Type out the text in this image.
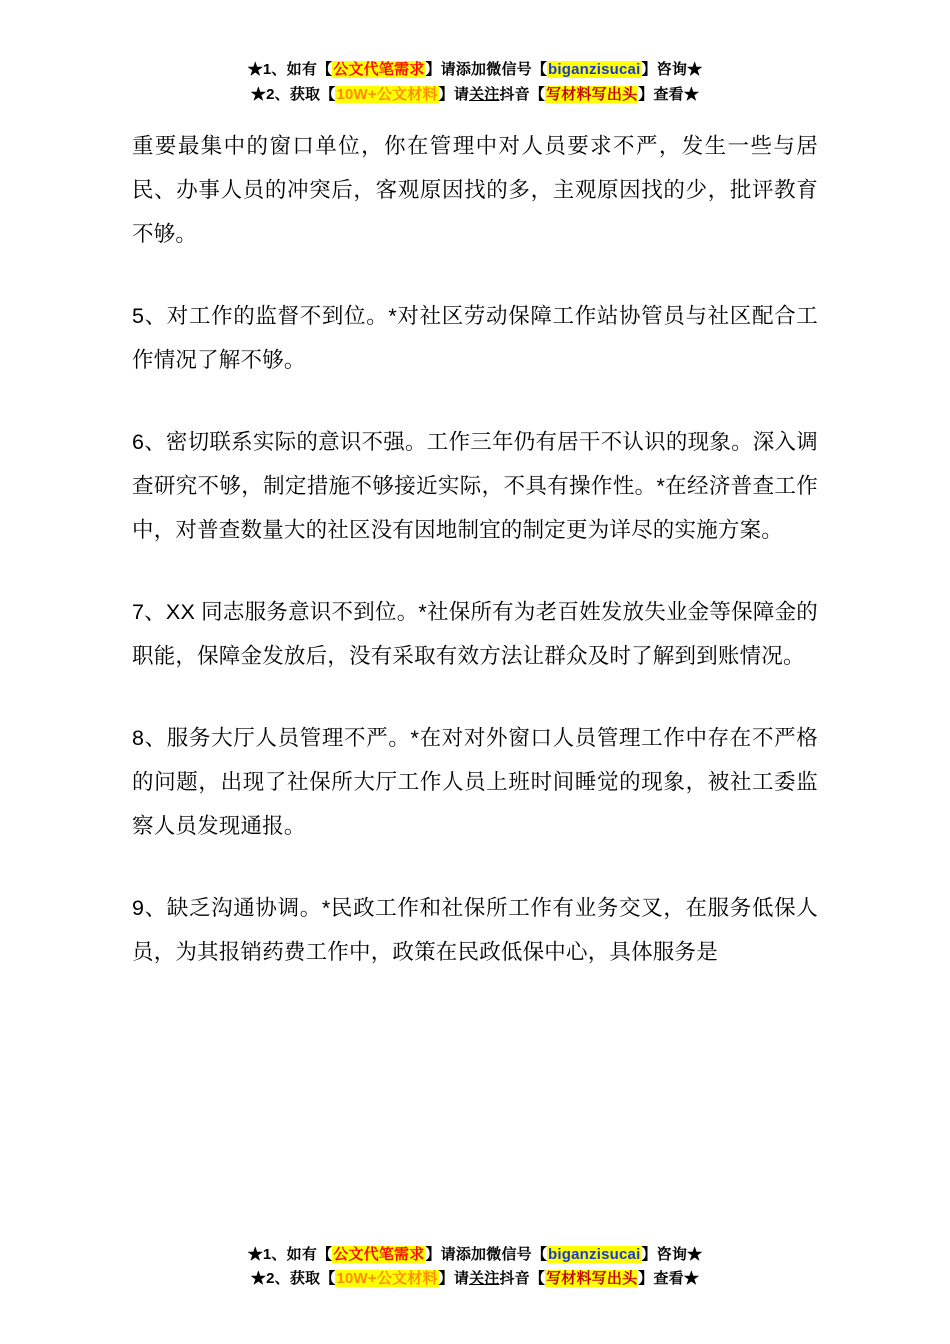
★1、如有【公文代笔需求】请添加微信号【biganzisucai】咨询★
★2、获取【10W+公文材料】请关注抖音【写材料写出头】查看★

重要最集中的窗口单位，你在管理中对人员要求不严，发生一些与居民、办事人员的冲突后，客观原因找的多，主观原因找的少，批评教育不够。

5、对工作的监督不到位。*对社区劳动保障工作站协管员与社区配合工作情况了解不够。

6、密切联系实际的意识不强。工作三年仍有居干不认识的现象。深入调查研究不够，制定措施不够接近实际，不具有操作性。*在经济普查工作中，对普查数量大的社区没有因地制宜的制定更为详尽的实施方案。

7、XX 同志服务意识不到位。*社保所有为老百姓发放失业金等保障金的职能，保障金发放后，没有采取有效方法让群众及时了解到到账情况。

8、服务大厅人员管理不严。*在对对外窗口人员管理工作中存在不严格的问题，出现了社保所大厅工作人员上班时间睡觉的现象，被社工委监察人员发现通报。

9、缺乏沟通协调。*民政工作和社保所工作有业务交叉，在服务低保人员，为其报销药费工作中，政策在民政低保中心，具体服务是

★1、如有【公文代笔需求】请添加微信号【biganzisucai】咨询★
★2、获取【10W+公文材料】请关注抖音【写材料写出头】查看★
